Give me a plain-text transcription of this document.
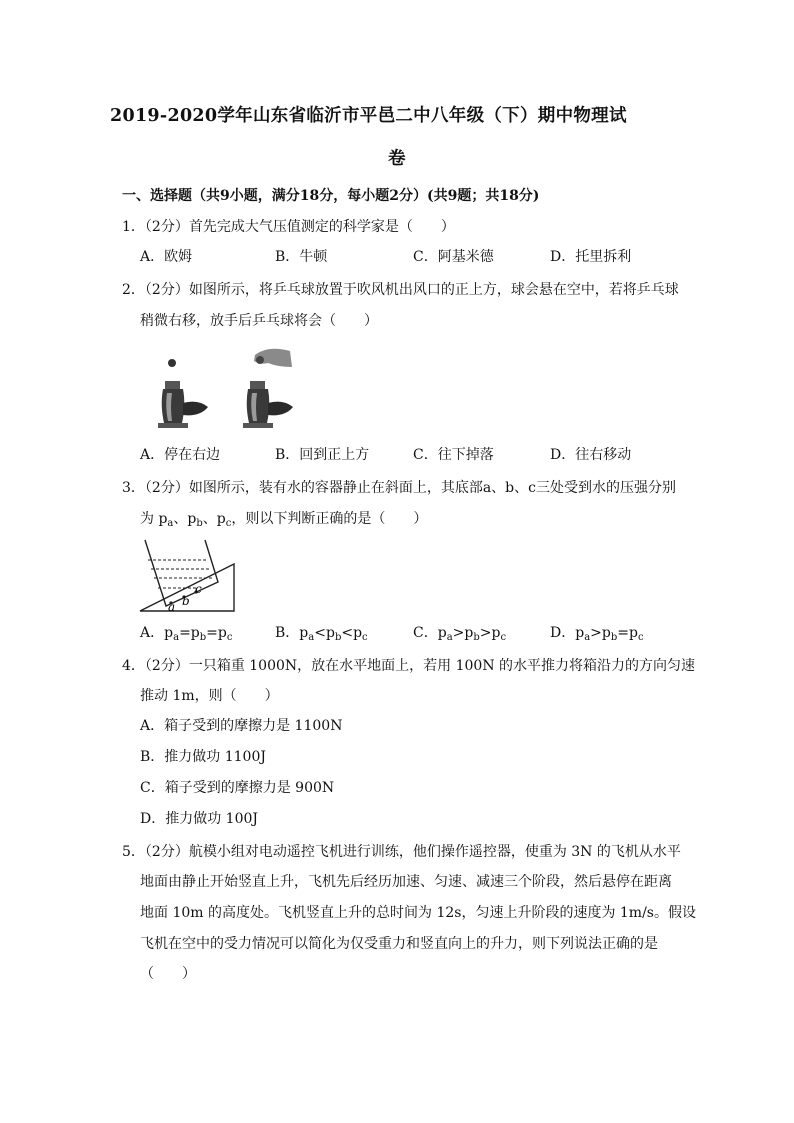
2019-2020学年山东省临沂市平邑二中八年级（下）期中物理试
卷
一、选择题（共9小题，满分18分，每小题2分）(共9题；共18分)
1．（2分）首先完成大气压值测定的科学家是（　　）
A．欧姆	B．牛顿	C．阿基米德	D．托里拆利
2．（2分）如图所示，将乒乓球放置于吹风机出风口的正上方，球会悬在空中，若将乒乓球
稍微右移，放手后乒乓球将会（　　）
A．停在右边	B．回到正上方	C．往下掉落	D．往右移动
3．（2分）如图所示，装有水的容器静止在斜面上，其底部a、b、c三处受到水的压强分别
为 $p_a$、$p_b$、$p_c$，则以下判断正确的是（　　）
a b
c
A．$p_a=p_b=p_c$	B．$p_a<p_b<p_c$	C．$p_a>p_b>p_c$	D．$p_a>p_b=p_c$
4．（2分）一只箱重 1000N，放在水平地面上，若用 100N 的水平推力将箱沿力的方向匀速
推动 1m，则（　　）
A．箱子受到的摩擦力是 1100N
B．推力做功 1100J
C．箱子受到的摩擦力是 900N
D．推力做功 100J
5．（2分）航模小组对电动遥控飞机进行训练，他们操作遥控器，使重为 3N 的飞机从水平
地面由静止开始竖直上升，飞机先后经历加速、匀速、减速三个阶段，然后悬停在距离
地面 10m 的高度处。飞机竖直上升的总时间为 12s，匀速上升阶段的速度为 1m/s。假设
飞机在空中的受力情况可以简化为仅受重力和竖直向上的升力，则下列说法正确的是
（　　）
